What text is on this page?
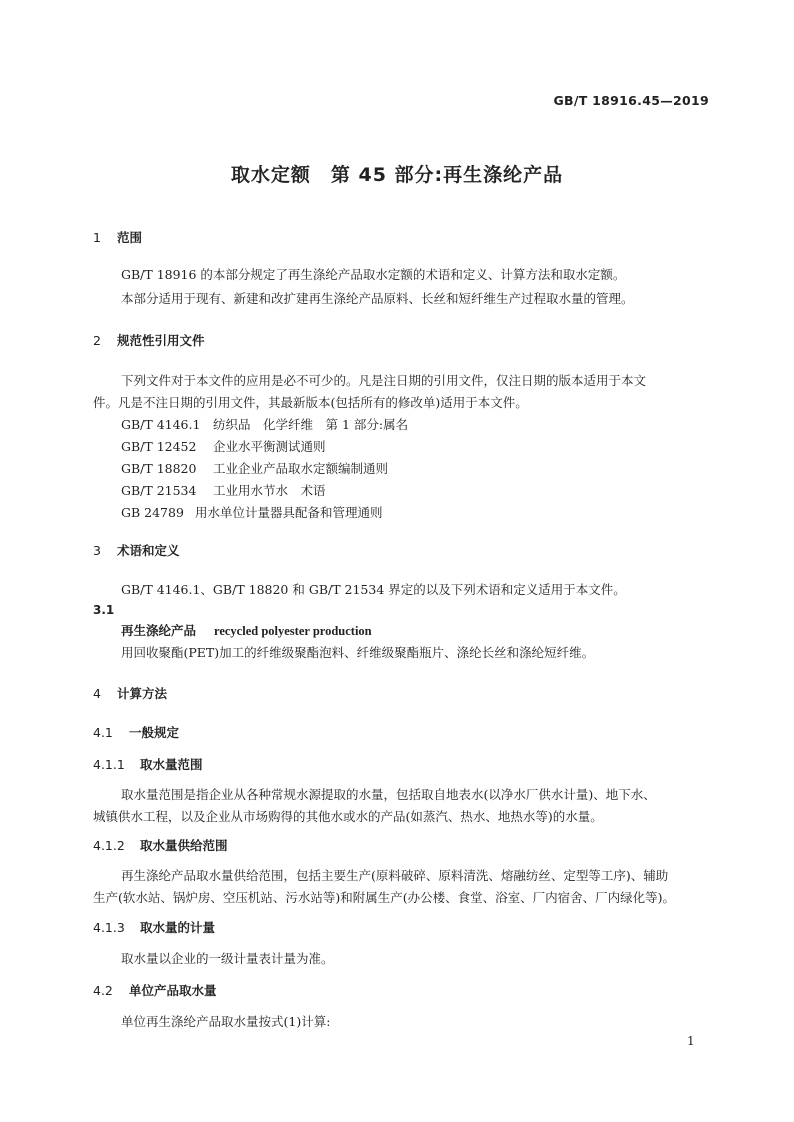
GB/T 18916.45—2019
取水定额　第 45 部分:再生涤纶产品
1 范围
GB/T 18916 的本部分规定了再生涤纶产品取水定额的术语和定义、计算方法和取水定额。
本部分适用于现有、新建和改扩建再生涤纶产品原料、长丝和短纤维生产过程取水量的管理。
2 规范性引用文件
下列文件对于本文件的应用是必不可少的。凡是注日期的引用文件，仅注日期的版本适用于本文
件。凡是不注日期的引用文件，其最新版本(包括所有的修改单)适用于本文件。
GB/T 4146.1 纺织品　化学纤维　第 1 部分:属名
GB/T 12452 企业水平衡测试通则
GB/T 18820 工业企业产品取水定额编制通则
GB/T 21534 工业用水节水　术语
GB 24789 用水单位计量器具配备和管理通则
3 术语和定义
GB/T 4146.1、GB/T 18820 和 GB/T 21534 界定的以及下列术语和定义适用于本文件。
3.1
再生涤纶产品 recycled polyester production
用回收聚酯(PET)加工的纤维级聚酯泡料、纤维级聚酯瓶片、涤纶长丝和涤纶短纤维。
4 计算方法
4.1 一般规定
4.1.1 取水量范围
取水量范围是指企业从各种常规水源提取的水量，包括取自地表水(以净水厂供水计量)、地下水、
城镇供水工程，以及企业从市场购得的其他水或水的产品(如蒸汽、热水、地热水等)的水量。
4.1.2 取水量供给范围
再生涤纶产品取水量供给范围，包括主要生产(原料破碎、原料清洗、熔融纺丝、定型等工序)、辅助
生产(软水站、锅炉房、空压机站、污水站等)和附属生产(办公楼、食堂、浴室、厂内宿舍、厂内绿化等)。
4.1.3 取水量的计量
取水量以企业的一级计量表计量为准。
4.2 单位产品取水量
单位再生涤纶产品取水量按式(1)计算:
1
